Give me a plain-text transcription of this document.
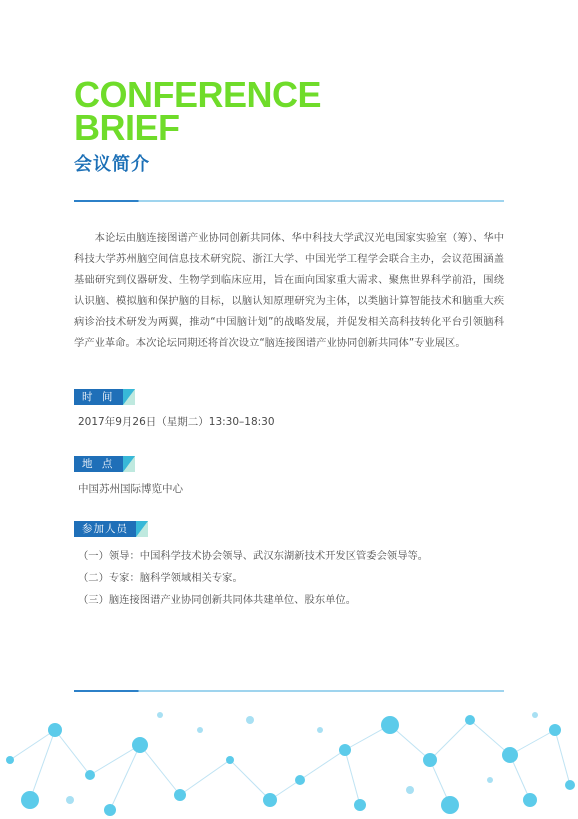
CONFERENCE
BRIEF
会议简介

本论坛由脑连接图谱产业协同创新共同体、华中科技大学武汉光电国家实验室（筹）、华中科技大学苏州脑空间信息技术研究院、浙江大学、中国光学工程学会联合主办，会议范围涵盖基础研究到仪器研发、生物学到临床应用，旨在面向国家重大需求、聚焦世界科学前沿，围绕认识脑、模拟脑和保护脑的目标，以脑认知原理研究为主体，以类脑计算智能技术和脑重大疾病诊治技术研发为两翼，推动“中国脑计划”的战略发展，并促发相关高科技转化平台引领脑科学产业革命。本次论坛同期还将首次设立“脑连接图谱产业协同创新共同体”专业展区。

时 间

2017年9月26日（星期二）13:30–18:30

地 点

中国苏州国际博览中心

参加人员
（一）领导：中国科学技术协会领导、武汉东湖新技术开发区管委会领导等。
（二）专家：脑科学领域相关专家。
（三）脑连接图谱产业协同创新共同体共建单位、股东单位。
